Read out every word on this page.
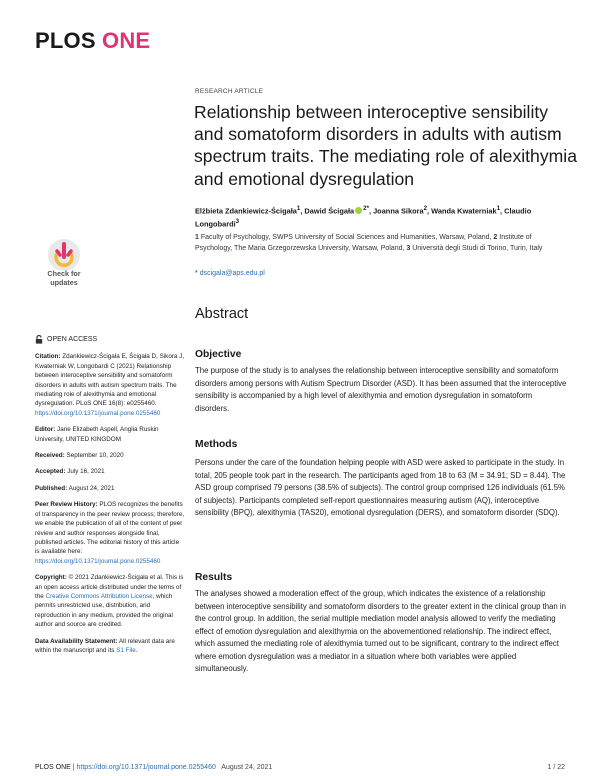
PLOS ONE
RESEARCH ARTICLE
Relationship between interoceptive sensibility and somatoform disorders in adults with autism spectrum traits. The mediating role of alexithymia and emotional dysregulation
Elżbieta Zdankiewicz-Ścigała$^1$, Dawid Ścigała $^{2*}$, Joanna Sikora$^2$, Wanda Kwaterniak$^1$, Claudio Longobardi$^3$
1 Faculty of Psychology, SWPS University of Social Sciences and Humanities, Warsaw, Poland, 2 Institute of Psychology, The Maria Grzegorzewska University, Warsaw, Poland, 3 Università degli Studi di Torino, Turin, Italy
* dscigala@aps.edu.pl
Check for
updates
Abstract
Objective
The purpose of the study is to analyses the relationship between interoceptive sensibility and somatoform disorders among persons with Autism Spectrum Disorder (ASD). It has been assumed that the interoceptive sensibility is accompanied by a high level of alexithymia and emotion dysregulation in somatoform disorders.
Methods
Persons under the care of the foundation helping people with ASD were asked to participate in the study. In total, 205 people took part in the research. The participants aged from 18 to 63 (M = 34.91; SD = 8.44). The ASD group comprised 79 persons (38.5% of subjects). The control group comprised 126 individuals (61.5% of subjects). Participants completed self-report questionnaires measuring autism (AQ), interoceptive sensibility (BPQ), alexithymia (TAS20), emotional dysregulation (DERS), and somatoform disorder (SDQ).
Results
The analyses showed a moderation effect of the group, which indicates the existence of a relationship between interoceptive sensibility and somatoform disorders to the greater extent in the clinical group than in the control group. In addition, the serial multiple mediation model analysis allowed to verify the mediating effect of emotion dysregulation and alexithymia on the abovementioned relationship. The indirect effect, which assumed the mediating role of alexithymia turned out to be significant, contrary to the indirect effect where emotion dysregulation was a mediator in a situation where both variables were applied simultaneously.
OPEN ACCESS
Citation: Zdankiewicz-Ścigała E, Ścigała D, Sikora J, Kwaterniak W, Longobardi C (2021) Relationship between interoceptive sensibility and somatoform disorders in adults with autism spectrum traits. The mediating role of alexithymia and emotional dysregulation. PLoS ONE 16(8): e0255460. https://doi.org/10.1371/journal.pone.0255460
Editor: Jane Elizabeth Aspell, Anglia Ruskin University, UNITED KINGDOM
Received: September 10, 2020
Accepted: July 16, 2021
Published: August 24, 2021
Peer Review History: PLOS recognizes the benefits of transparency in the peer review process; therefore, we enable the publication of all of the content of peer review and author responses alongside final, published articles. The editorial history of this article is available here: https://doi.org/10.1371/journal.pone.0255460
Copyright: © 2021 Zdankiewicz-Ścigała et al. This is an open access article distributed under the terms of the Creative Commons Attribution License, which permits unrestricted use, distribution, and reproduction in any medium, provided the original author and source are credited.
Data Availability Statement: All relevant data are within the manuscript and its S1 File.
PLOS ONE | https://doi.org/10.1371/journal.pone.0255460   August 24, 2021	1 / 22
